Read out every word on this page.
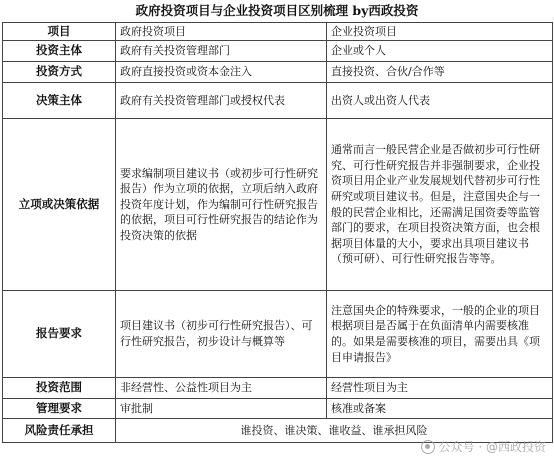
政府投资项目与企业投资项目区别梳理 by西政投资
项目	政府投资项目	企业投资项目
投资主体	政府有关投资管理部门	企业或个人
投资方式	政府直接投资或资本金注入	直接投资、合伙/合作等
决策主体	政府有关投资管理部门或授权代表	出资人或出资人代表
立项或决策依据	要求编制项目建议书（或初步可行性研究报告）作为立项的依据，立项后纳入政府投资年度计划，作为编制可行性研究报告的依据，项目可行性研究报告的结论作为投资决策的依据	通常而言一般民营企业是否做初步可行性研究、可行性研究报告并非强制要求，企业投资项目用企业产业发展规划代替初步可行性研究或项目建议书。但是，注意国央企与一般的民营企业相比，还需满足国资委等监管部门的要求，在项目投资决策方面，也会根据项目体量的大小，要求出具项目建议书（预可研）、可行性研究报告等等。
报告要求	项目建议书（初步可行性研究报告）、可行性研究报告，初步设计与概算等	注意国央企的特殊要求，一般的企业的项目根据项目是否属于在负面清单内需要核准的。如果是需要核准的项目，需要出具《项目申请报告》
投资范围	非经营性、公益性项目为主	经营性项目为主
管理要求	审批制	核准或备案
风险责任承担	谁投资、谁决策、谁收益、谁承担风险	
公众号 · @西政投资
